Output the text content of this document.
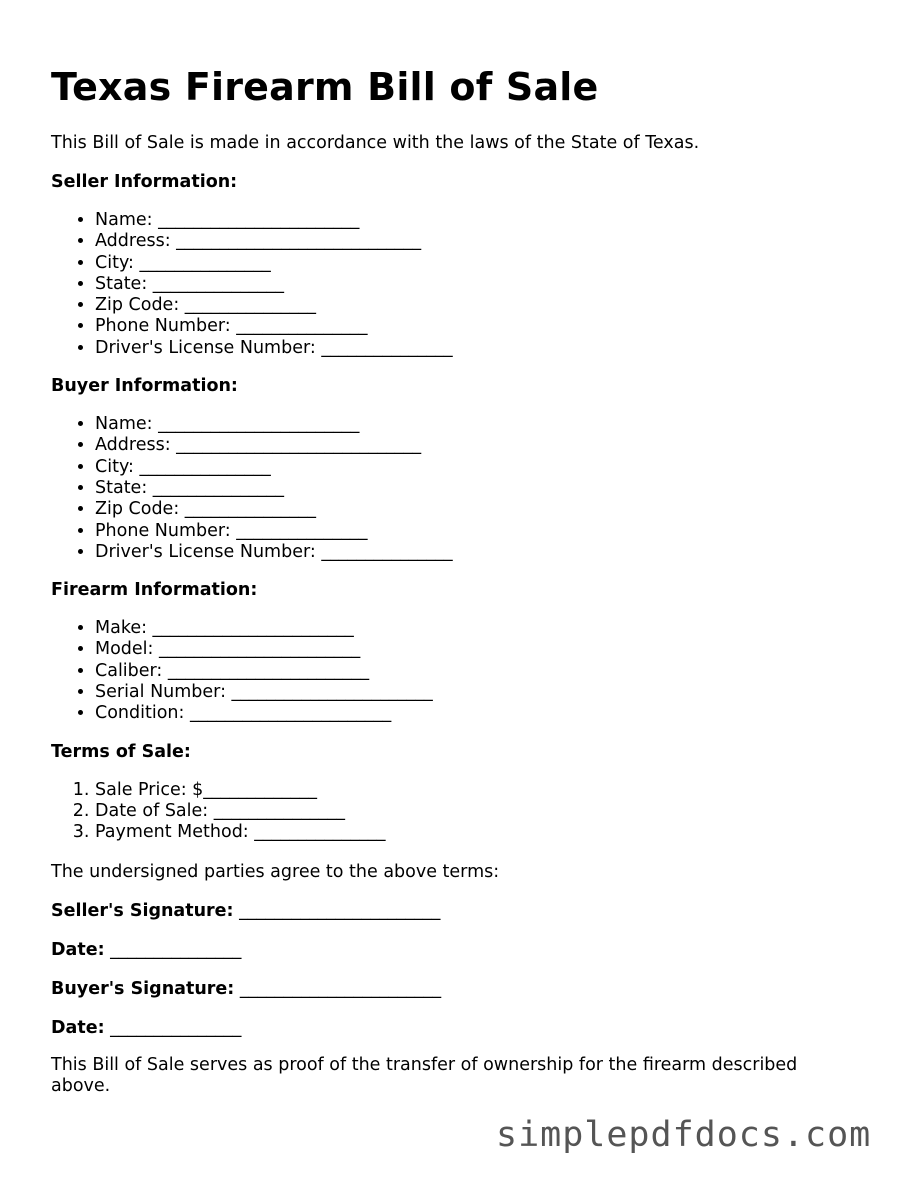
Texas Firearm Bill of Sale

This Bill of Sale is made in accordance with the laws of the State of Texas.

Seller Information:

• Name: _______________________
• Address: ____________________________
• City: _______________
• State: _______________
• Zip Code: _______________
• Phone Number: _______________
• Driver's License Number: _______________

Buyer Information:

• Name: _______________________
• Address: ____________________________
• City: _______________
• State: _______________
• Zip Code: _______________
• Phone Number: _______________
• Driver's License Number: _______________

Firearm Information:

• Make: _______________________
• Model: _______________________
• Caliber: _______________________
• Serial Number: _______________________
• Condition: _______________________

Terms of Sale:

1. Sale Price: $_____________
2. Date of Sale: _______________
3. Payment Method: _______________

The undersigned parties agree to the above terms:

Seller's Signature: _______________________

Date: _______________

Buyer's Signature: _______________________

Date: _______________

This Bill of Sale serves as proof of the transfer of ownership for the firearm described above.

simplepdfdocs.com
